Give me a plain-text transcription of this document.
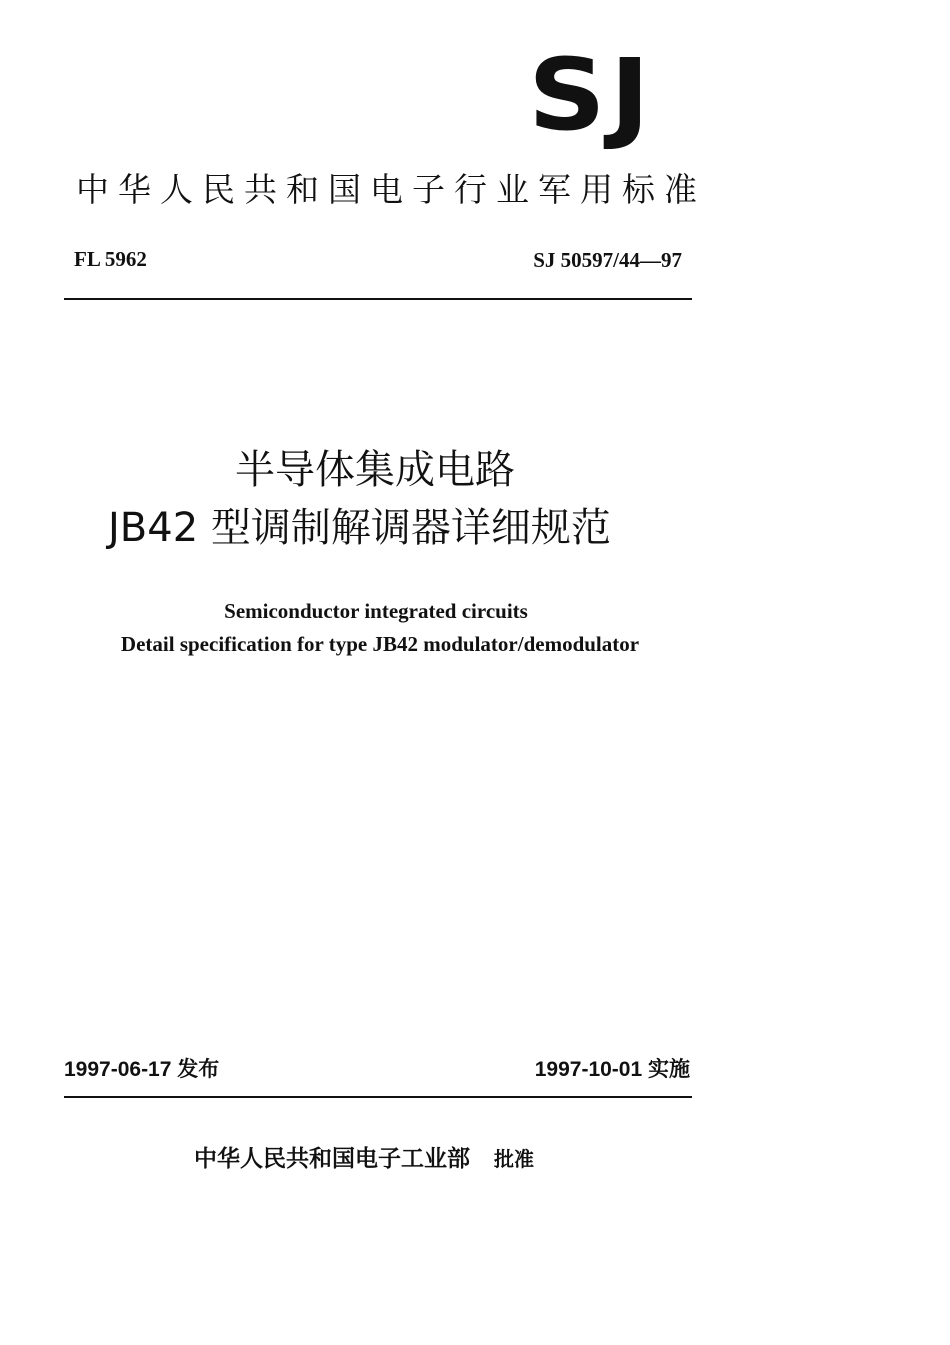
SJ
中华人民共和国电子行业军用标准
FL 5962	SJ 50597/44—97
半导体集成电路
JB42 型调制解调器详细规范
Semiconductor integrated circuits
Detail specification for type JB42 modulator/demodulator
1997-06-17 发布	1997-10-01 实施
中华人民共和国电子工业部 批准
